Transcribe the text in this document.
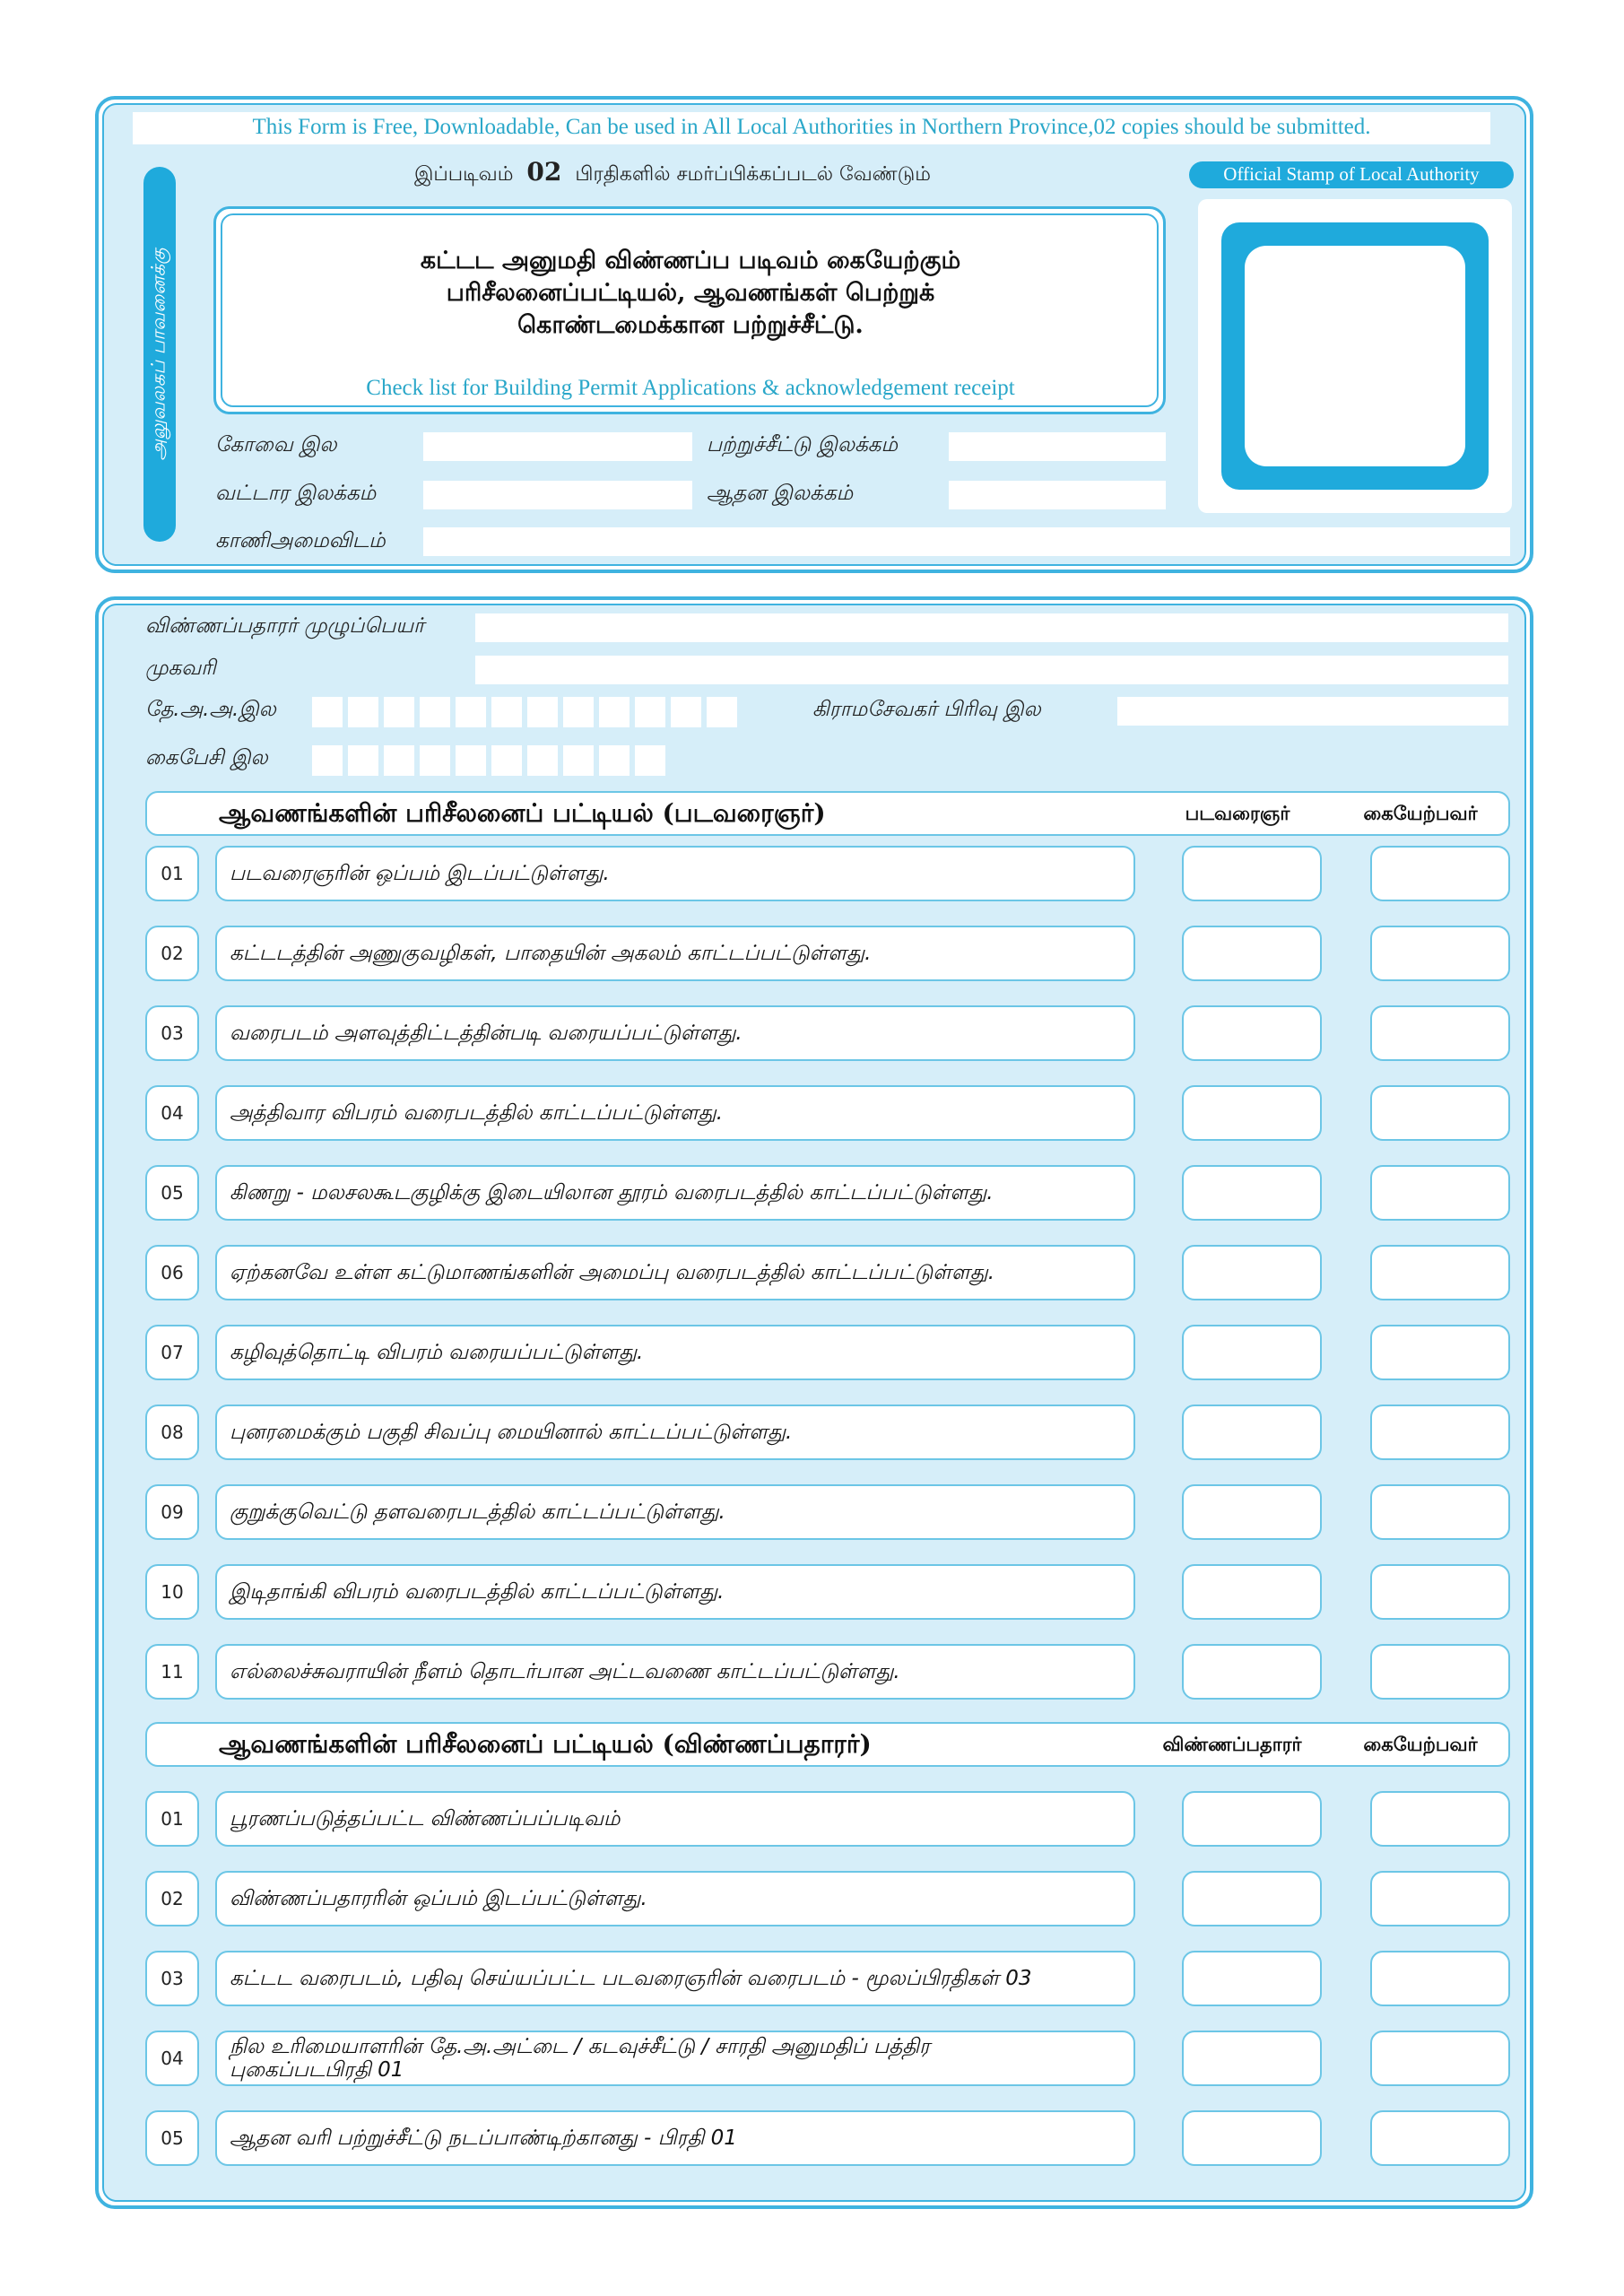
This Form is Free, Downloadable, Can be used in All Local Authorities in Northern Province,02 copies should be submitted.
இப்படிவம் 02 பிரதிகளில் சமர்ப்பிக்கப்படல் வேண்டும்
அலுவலகப் பாவனைக்கு
Official Stamp of Local Authority
கட்டட அனுமதி விண்ணப்ப படிவம் கையேற்கும்
பரிசீலனைப்பட்டியல், ஆவணங்கள் பெற்றுக்
கொண்டமைக்கான பற்றுச்சீட்டு.
Check list for Building Permit Applications & acknowledgement receipt
கோவை இல	பற்றுச்சீட்டு இலக்கம்
வட்டார இலக்கம்	ஆதன இலக்கம்
காணிஅமைவிடம்
விண்ணப்பதாரர் முழுப்பெயர்
முகவரி
தே.அ.அ.இல	கிராமசேவகர் பிரிவு இல
கைபேசி இல
ஆவணங்களின் பரிசீலனைப் பட்டியல் (படவரைஞர்)	படவரைஞர்	கையேற்பவர்
01	படவரைஞரின் ஒப்பம் இடப்பட்டுள்ளது.
02	கட்டடத்தின் அணுகுவழிகள், பாதையின் அகலம் காட்டப்பட்டுள்ளது.
03	வரைபடம் அளவுத்திட்டத்தின்படி வரையப்பட்டுள்ளது.
04	அத்திவார விபரம் வரைபடத்தில் காட்டப்பட்டுள்ளது.
05	கிணறு - மலசலகூடகுழிக்கு இடையிலான தூரம் வரைபடத்தில் காட்டப்பட்டுள்ளது.
06	ஏற்கனவே உள்ள கட்டுமாணங்களின் அமைப்பு வரைபடத்தில் காட்டப்பட்டுள்ளது.
07	கழிவுத்தொட்டி விபரம் வரையப்பட்டுள்ளது.
08	புனரமைக்கும் பகுதி சிவப்பு மையினால் காட்டப்பட்டுள்ளது.
09	குறுக்குவெட்டு தளவரைபடத்தில் காட்டப்பட்டுள்ளது.
10	இடிதாங்கி விபரம் வரைபடத்தில் காட்டப்பட்டுள்ளது.
11	எல்லைச்சுவராயின் நீளம் தொடர்பான அட்டவணை காட்டப்பட்டுள்ளது.
ஆவணங்களின் பரிசீலனைப் பட்டியல் (விண்ணப்பதாரர்)	விண்ணப்பதாரர்	கையேற்பவர்
01	பூரணப்படுத்தப்பட்ட விண்ணப்பப்படிவம்
02	விண்ணப்பதாரரின் ஒப்பம் இடப்பட்டுள்ளது.
03	கட்டட வரைபடம், பதிவு செய்யப்பட்ட படவரைஞரின் வரைபடம் - மூலப்பிரதிகள் 03
04	நில உரிமையாளரின் தே.அ.அட்டை / கடவுச்சீட்டு / சாரதி அனுமதிப் பத்திர
புகைப்படபிரதி 01
05	ஆதன வரி பற்றுச்சீட்டு நடப்பாண்டிற்கானது - பிரதி 01
